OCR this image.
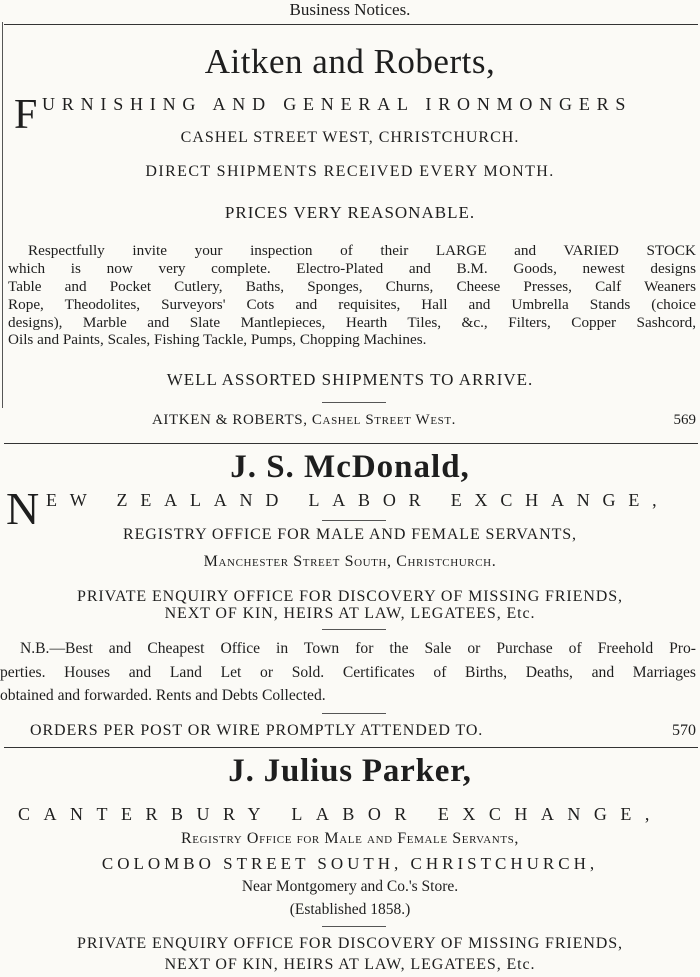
Business Notices.
Aitken and Roberts,
F URNISHING AND GENERAL IRONMONGERS
CASHEL STREET WEST, CHRISTCHURCH.
DIRECT SHIPMENTS RECEIVED EVERY MONTH.
PRICES VERY REASONABLE.
Respectfully invite your inspection of their LARGE and VARIED STOCK
which is now very complete. Electro-Plated and B.M. Goods, newest designs
Table and Pocket Cutlery, Baths, Sponges, Churns, Cheese Presses, Calf Weaners
Rope, Theodolites, Surveyors' Cots and requisites, Hall and Umbrella Stands (choice
designs), Marble and Slate Mantlepieces, Hearth Tiles, &c., Filters, Copper Sashcord,
Oils and Paints, Scales, Fishing Tackle, Pumps, Chopping Machines.
WELL ASSORTED SHIPMENTS TO ARRIVE.
AITKEN & ROBERTS, Cashel Street West.	569
J. S. McDonald,
N EW ZEALAND LABOR EXCHANGE,
REGISTRY OFFICE FOR MALE AND FEMALE SERVANTS,
Manchester Street South, Christchurch.
PRIVATE ENQUIRY OFFICE FOR DISCOVERY OF MISSING FRIENDS,
NEXT OF KIN, HEIRS AT LAW, LEGATEES, Etc.
N.B.—Best and Cheapest Office in Town for the Sale or Purchase of Freehold Pro-
perties. Houses and Land Let or Sold. Certificates of Births, Deaths, and Marriages
obtained and forwarded. Rents and Debts Collected.
ORDERS PER POST OR WIRE PROMPTLY ATTENDED TO.	570
J. Julius Parker,
CANTERBURY LABOR EXCHANGE,
Registry Office for Male and Female Servants,
COLOMBO STREET SOUTH, CHRISTCHURCH,
Near Montgomery and Co.'s Store.
(Established 1858.)
PRIVATE ENQUIRY OFFICE FOR DISCOVERY OF MISSING FRIENDS,
NEXT OF KIN, HEIRS AT LAW, LEGATEES, Etc.
